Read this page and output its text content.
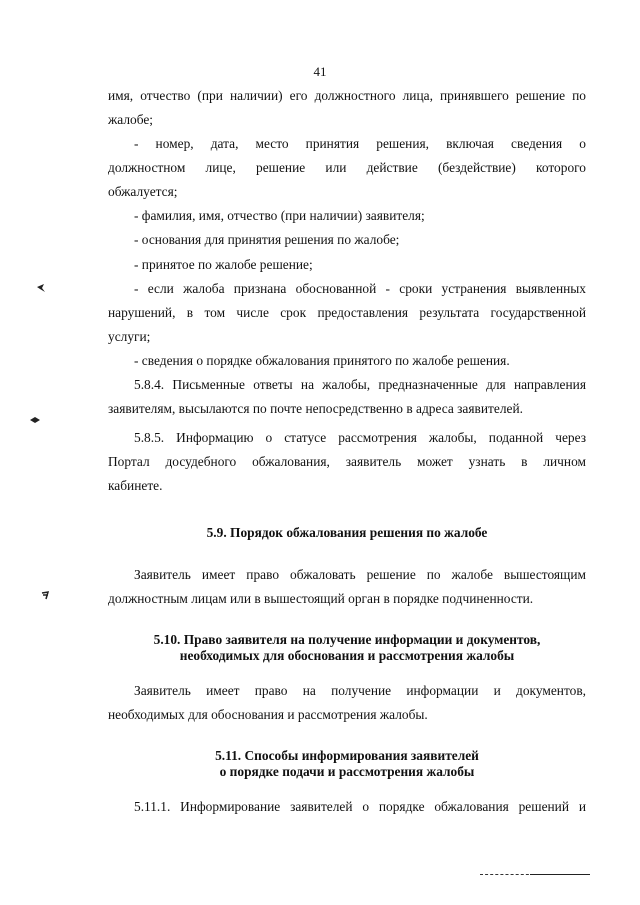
41
имя, отчество (при наличии) его должностного лица, принявшего решение по
жалобе;
- номер, дата, место принятия решения, включая сведения о
должностном лице, решение или действие (бездействие) которого
обжалуется;
- фамилия, имя, отчество (при наличии) заявителя;
- основания для принятия решения по жалобе;
- принятое по жалобе решение;
- если жалоба признана обоснованной - сроки устранения выявленных
нарушений, в том числе срок предоставления результата государственной
услуги;
- сведения о порядке обжалования принятого по жалобе решения.
5.8.4. Письменные ответы на жалобы, предназначенные для направления
заявителям, высылаются по почте непосредственно в адреса заявителей.
5.8.5. Информацию о статусе рассмотрения жалобы, поданной через
Портал досудебного обжалования, заявитель может узнать в личном
кабинете.
5.9. Порядок обжалования решения по жалобе
Заявитель имеет право обжаловать решение по жалобе вышестоящим
должностным лицам или в вышестоящий орган в порядке подчиненности.
5.10. Право заявителя на получение информации и документов,
необходимых для обоснования и рассмотрения жалобы
Заявитель имеет право на получение информации и документов,
необходимых для обоснования и рассмотрения жалобы.
5.11. Способы информирования заявителей
о порядке подачи и рассмотрения жалобы
5.11.1. Информирование заявителей о порядке обжалования решений и
